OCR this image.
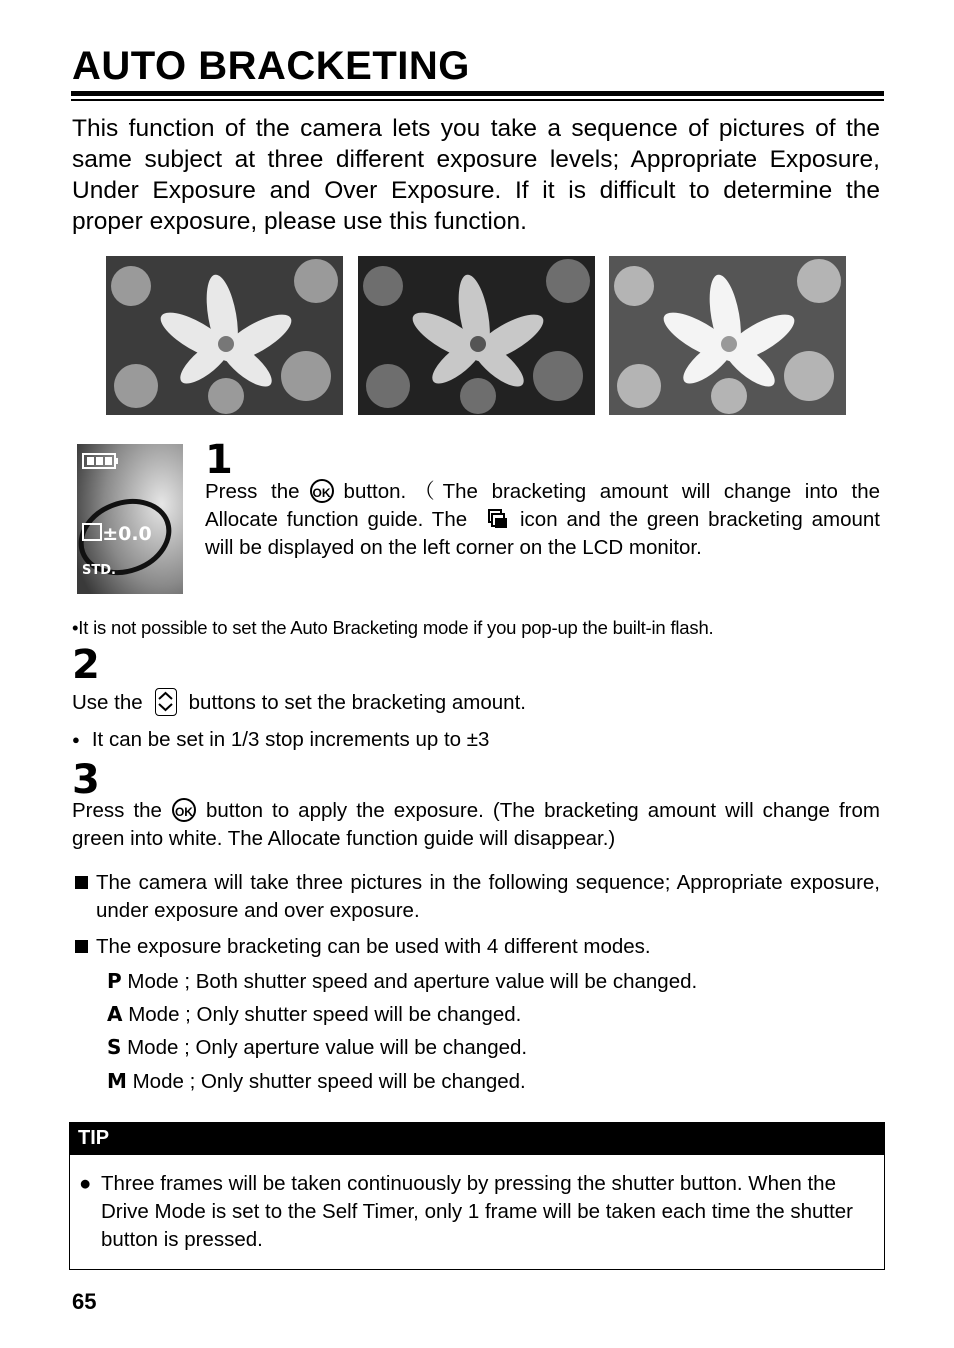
AUTO BRACKETING
This function of the camera lets you take a sequence of pictures of the same subject at three different exposure levels; Appropriate Exposure, Under Exposure and Over Exposure. If it is difficult to determine the proper exposure, please use this function.
±0.0
STD.
1
Press the OK button.（The bracketing amount will change into the Allocate function guide. The	icon and the green bracketing amount will be displayed on the left corner on the LCD monitor.
•It is not possible to set the Auto Bracketing mode if you pop-up the built-in flash.
2
Use the buttons to set the bracketing amount.
● It can be set in 1/3 stop increments up to ±3
3
Press the OK button to apply the exposure. (The bracketing amount will change from green into white. The Allocate function guide will disappear.)
The camera will take three pictures in the following sequence; Appropriate exposure, under exposure and over exposure.
The exposure bracketing can be used with 4 different modes.
P Mode ; Both shutter speed and aperture value will be changed.
A Mode ; Only shutter speed will be changed.
S Mode ; Only aperture value will be changed.
M Mode ; Only shutter speed will be changed.
TIP
● Three frames will be taken continuously by pressing the shutter button. When the Drive Mode is set to the Self Timer, only 1 frame will be taken each time the shutter button is pressed.
65
